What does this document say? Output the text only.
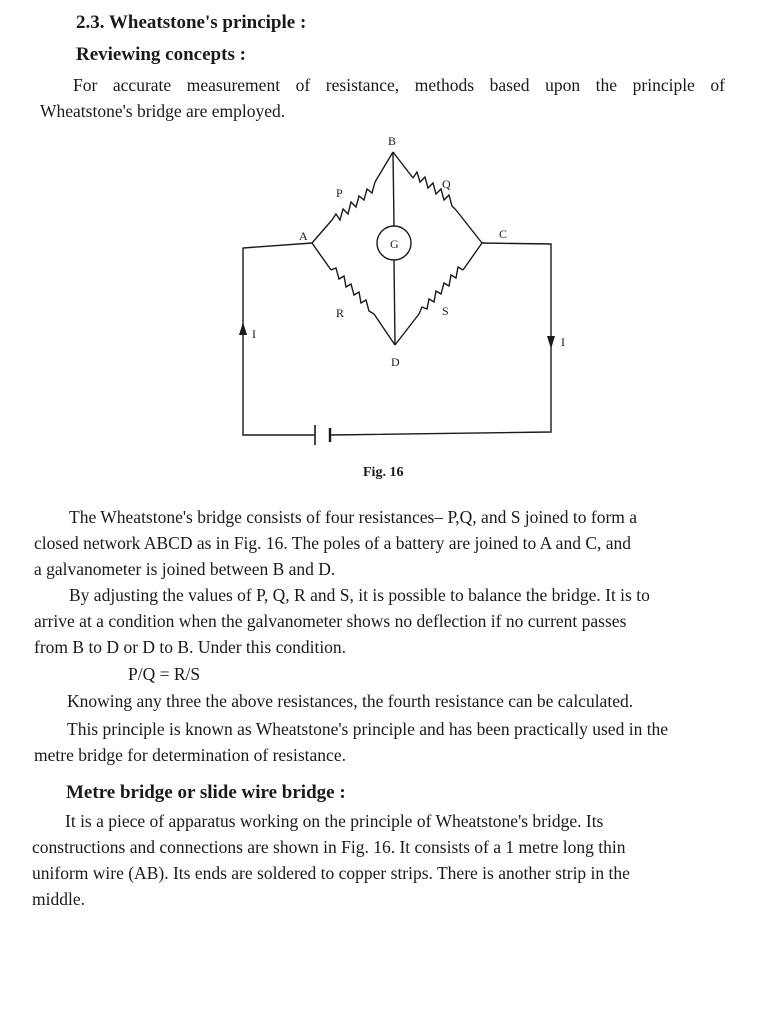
2.3. Wheatstone's principle :
Reviewing concepts :
For accurate measurement of resistance, methods based upon the principle of
Wheatstone's bridge are employed.
B
A	C
D
P
Q
R	S
G
I
I
Fig. 16
The Wheatstone's bridge consists of four resistances– P,Q, and S joined to form a
closed network ABCD as in Fig. 16. The poles of a battery are joined to A and C, and
a galvanometer is joined between B and D.
By adjusting the values of P, Q, R and S, it is possible to balance the bridge. It is to
arrive at a condition when the galvanometer shows no deflection if no current passes
from B to D or D to B. Under this condition.
P/Q = R/S
Knowing any three the above resistances, the fourth resistance can be calculated.
This principle is known as Wheatstone's principle and has been practically used in the
metre bridge for determination of resistance.
Metre bridge or slide wire bridge :
It is a piece of apparatus working on the principle of Wheatstone's bridge. Its
constructions and connections are shown in Fig. 16. It consists of a 1 metre long thin
uniform wire (AB). Its ends are soldered to copper strips. There is another strip in the
middle.
